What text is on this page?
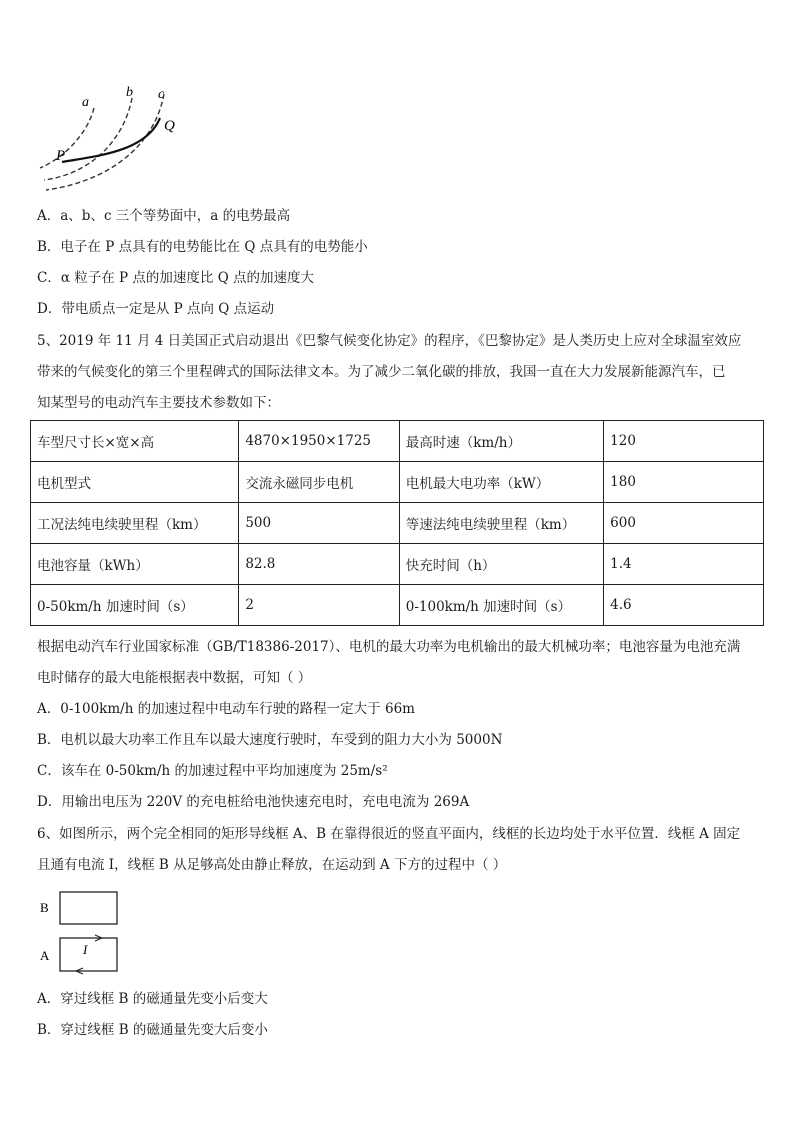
a
b c
P
Q
A．a、b、c 三个等势面中，a 的电势最高
B．电子在 P 点具有的电势能比在 Q 点具有的电势能小
C．α 粒子在 P 点的加速度比 Q 点的加速度大
D．带电质点一定是从 P 点向 Q 点运动
5、2019 年 11 月 4 日美国正式启动退出《巴黎气候变化协定》的程序，《巴黎协定》是人类历史上应对全球温室效应
带来的气候变化的第三个里程碑式的国际法律文本。为了减少二氧化碳的排放，我国一直在大力发展新能源汽车，已
知某型号的电动汽车主要技术参数如下：
车型尺寸长×宽×高	4870×1950×1725	最高时速（km/h）	120
电机型式	交流永磁同步电机	电机最大电功率（kW）	180
工况法纯电续驶里程（km）	500	等速法纯电续驶里程（km）	600
电池容量（kWh）	82.8	快充时间（h）	1.4
0-50km/h 加速时间（s）	2	0-100km/h 加速时间（s）	4.6
根据电动汽车行业国家标准（GB/T18386-2017）、电机的最大功率为电机输出的最大机械功率；电池容量为电池充满
电时储存的最大电能根据表中数据，可知（ ）
A．0-100km/h 的加速过程中电动车行驶的路程一定大于 66m
B．电机以最大功率工作且车以最大速度行驶时，车受到的阻力大小为 5000N
C．该车在 0-50km/h 的加速过程中平均加速度为 25m/s²
D．用输出电压为 220V 的充电桩给电池快速充电时，充电电流为 269A
6、如图所示，两个完全相同的矩形导线框 A、B 在靠得很近的竖直平面内，线框的长边均处于水平位置．线框 A 固定
且通有电流 I，线框 B 从足够高处由静止释放，在运动到 A 下方的过程中（ ）
B
A	I
A．穿过线框 B 的磁通量先变小后变大
B．穿过线框 B 的磁通量先变大后变小
